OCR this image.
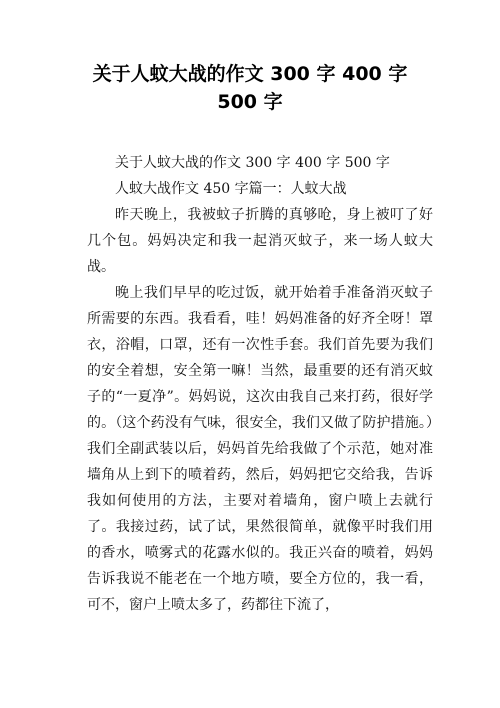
关于人蚊大战的作文 300 字 400 字
500 字

关于人蚊大战的作文 300 字 400 字 500 字

人蚊大战作文 450 字篇一：人蚊大战

昨天晚上，我被蚊子折腾的真够呛，身上被叮了好几个包。妈妈决定和我一起消灭蚊子，来一场人蚊大战。

晚上我们早早的吃过饭，就开始着手准备消灭蚊子所需要的东西。我看看，哇！妈妈准备的好齐全呀！罩衣，浴帽，口罩，还有一次性手套。我们首先要为我们的安全着想，安全第一嘛！当然，最重要的还有消灭蚊子的“一夏净”。妈妈说，这次由我自己来打药，很好学的。（这个药没有气味，很安全，我们又做了防护措施。）我们全副武装以后，妈妈首先给我做了个示范，她对准墙角从上到下的喷着药，然后，妈妈把它交给我，告诉我如何使用的方法，主要对着墙角，窗户喷上去就行了。我接过药，试了试，果然很简单，就像平时我们用的香水，喷雾式的花露水似的。我正兴奋的喷着，妈妈告诉我说不能老在一个地方喷，要全方位的，我一看，可不，窗户上喷太多了，药都往下流了，
